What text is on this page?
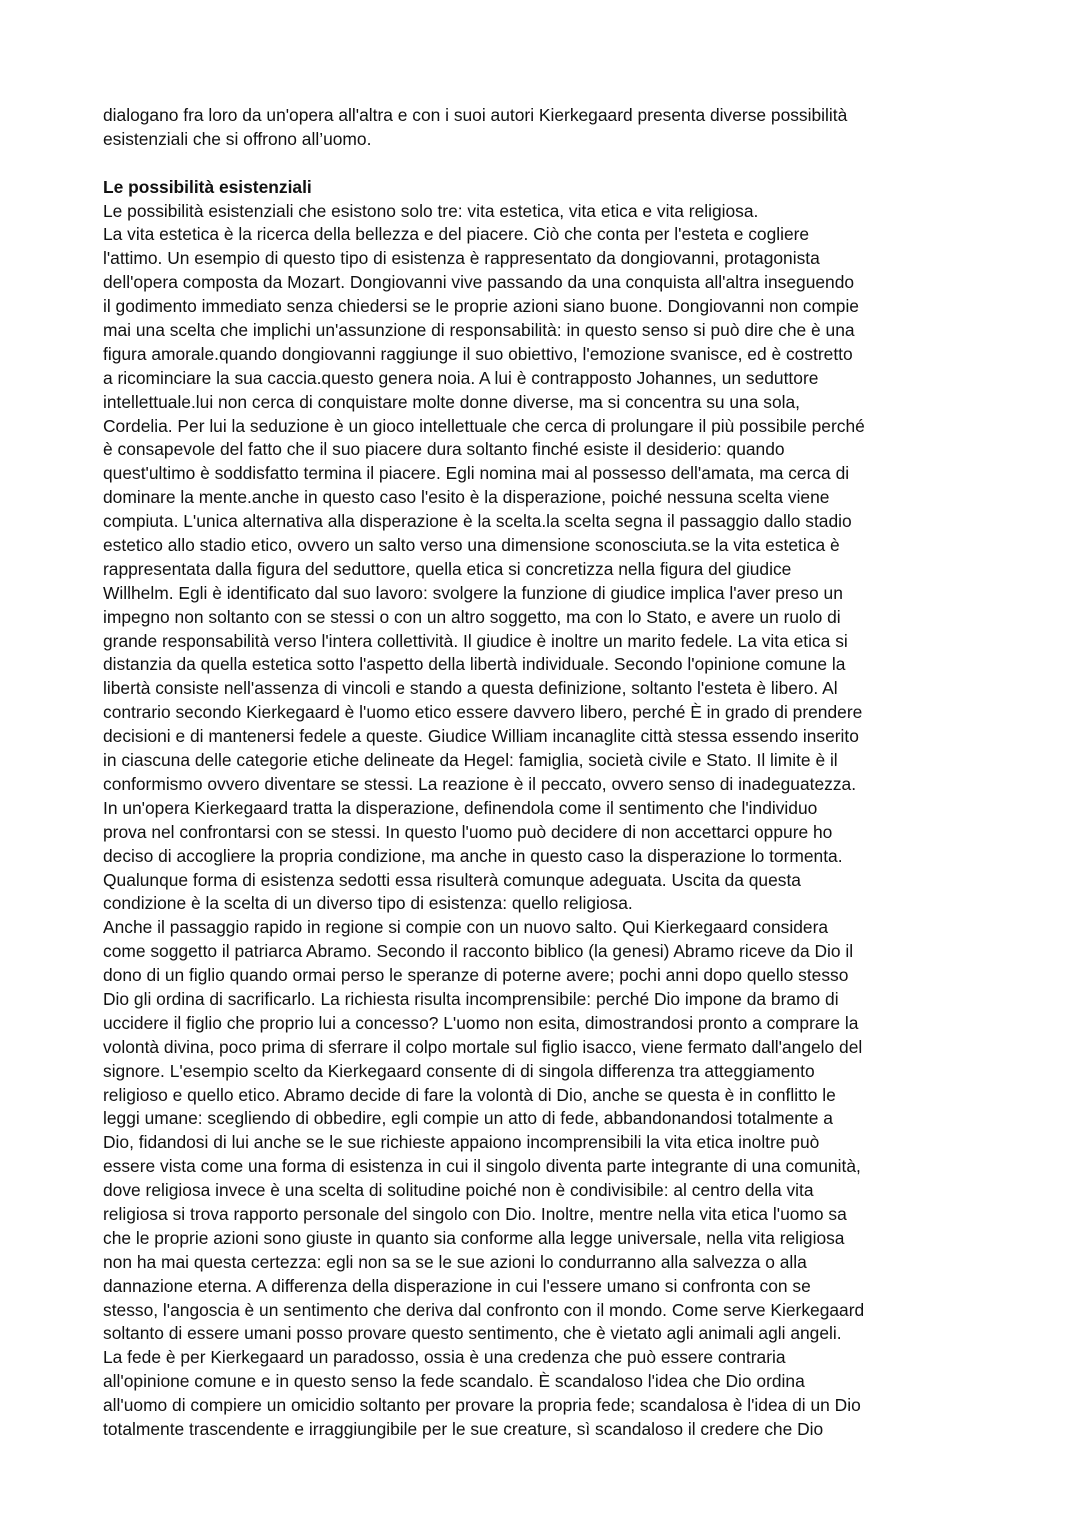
dialogano fra loro da un'opera all'altra e con i suoi autori Kierkegaard presenta diverse possibilità
esistenziali che si offrono all’uomo.
Le possibilità esistenziali
Le possibilità esistenziali che esistono solo tre: vita estetica, vita etica e vita religiosa.
La vita estetica è la ricerca della bellezza e del piacere. Ciò che conta per l'esteta e cogliere
l'attimo. Un esempio di questo tipo di esistenza è rappresentato da dongiovanni, protagonista
dell'opera composta da Mozart. Dongiovanni vive passando da una conquista all'altra inseguendo
il godimento immediato senza chiedersi se le proprie azioni siano buone. Dongiovanni non compie
mai una scelta che implichi un'assunzione di responsabilità: in questo senso si può dire che è una
figura amorale.quando dongiovanni raggiunge il suo obiettivo, l'emozione svanisce, ed è costretto
a ricominciare la sua caccia.questo genera noia. A lui è contrapposto Johannes, un seduttore
intellettuale.lui non cerca di conquistare molte donne diverse, ma si concentra su una sola,
Cordelia. Per lui la seduzione è un gioco intellettuale che cerca di prolungare il più possibile perché
è consapevole del fatto che il suo piacere dura soltanto finché esiste il desiderio: quando
quest'ultimo è soddisfatto termina il piacere. Egli nomina mai al possesso dell'amata, ma cerca di
dominare la mente.anche in questo caso l'esito è la disperazione, poiché nessuna scelta viene
compiuta. L'unica alternativa alla disperazione è la scelta.la scelta segna il passaggio dallo stadio
estetico allo stadio etico, ovvero un salto verso una dimensione sconosciuta.se la vita estetica è
rappresentata dalla figura del seduttore, quella etica si concretizza nella figura del giudice
Willhelm. Egli è identificato dal suo lavoro: svolgere la funzione di giudice implica l'aver preso un
impegno non soltanto con se stessi o con un altro soggetto, ma con lo Stato, e avere un ruolo di
grande responsabilità verso l'intera collettività. Il giudice è inoltre un marito fedele. La vita etica si
distanzia da quella estetica sotto l'aspetto della libertà individuale. Secondo l'opinione comune la
libertà consiste nell'assenza di vincoli e stando a questa definizione, soltanto l'esteta è libero. Al
contrario secondo Kierkegaard è l'uomo etico essere davvero libero, perché È in grado di prendere
decisioni e di mantenersi fedele a queste. Giudice William incanaglite città stessa essendo inserito
in ciascuna delle categorie etiche delineate da Hegel: famiglia, società civile e Stato. Il limite è il
conformismo ovvero diventare se stessi. La reazione è il peccato, ovvero senso di inadeguatezza.
In un'opera Kierkegaard tratta la disperazione, definendola come il sentimento che l'individuo
prova nel confrontarsi con se stessi. In questo l'uomo può decidere di non accettarci oppure ho
deciso di accogliere la propria condizione, ma anche in questo caso la disperazione lo tormenta.
Qualunque forma di esistenza sedotti essa risulterà comunque adeguata. Uscita da questa
condizione è la scelta di un diverso tipo di esistenza: quello religiosa.
Anche il passaggio rapido in regione si compie con un nuovo salto. Qui Kierkegaard considera
come soggetto il patriarca Abramo. Secondo il racconto biblico (la genesi) Abramo riceve da Dio il
dono di un figlio quando ormai perso le speranze di poterne avere; pochi anni dopo quello stesso
Dio gli ordina di sacrificarlo. La richiesta risulta incomprensibile: perché Dio impone da bramo di
uccidere il figlio che proprio lui a concesso? L'uomo non esita, dimostrandosi pronto a comprare la
volontà divina, poco prima di sferrare il colpo mortale sul figlio isacco, viene fermato dall'angelo del
signore. L'esempio scelto da Kierkegaard consente di di singola differenza tra atteggiamento
religioso e quello etico. Abramo decide di fare la volontà di Dio, anche se questa è in conflitto le
leggi umane: scegliendo di obbedire, egli compie un atto di fede, abbandonandosi totalmente a
Dio, fidandosi di lui anche se le sue richieste appaiono incomprensibili la vita etica inoltre può
essere vista come una forma di esistenza in cui il singolo diventa parte integrante di una comunità,
dove religiosa invece è una scelta di solitudine poiché non è condivisibile: al centro della vita
religiosa si trova rapporto personale del singolo con Dio. Inoltre, mentre nella vita etica l'uomo sa
che le proprie azioni sono giuste in quanto sia conforme alla legge universale, nella vita religiosa
non ha mai questa certezza: egli non sa se le sue azioni lo condurranno alla salvezza o alla
dannazione eterna. A differenza della disperazione in cui l'essere umano si confronta con se
stesso, l'angoscia è un sentimento che deriva dal confronto con il mondo. Come serve Kierkegaard
soltanto di essere umani posso provare questo sentimento, che è vietato agli animali agli angeli.
La fede è per Kierkegaard un paradosso, ossia è una credenza che può essere contraria
all'opinione comune e in questo senso la fede scandalo. È scandaloso l'idea che Dio ordina
all'uomo di compiere un omicidio soltanto per provare la propria fede; scandalosa è l'idea di un Dio
totalmente trascendente e irraggiungibile per le sue creature, sì scandaloso il credere che Dio
